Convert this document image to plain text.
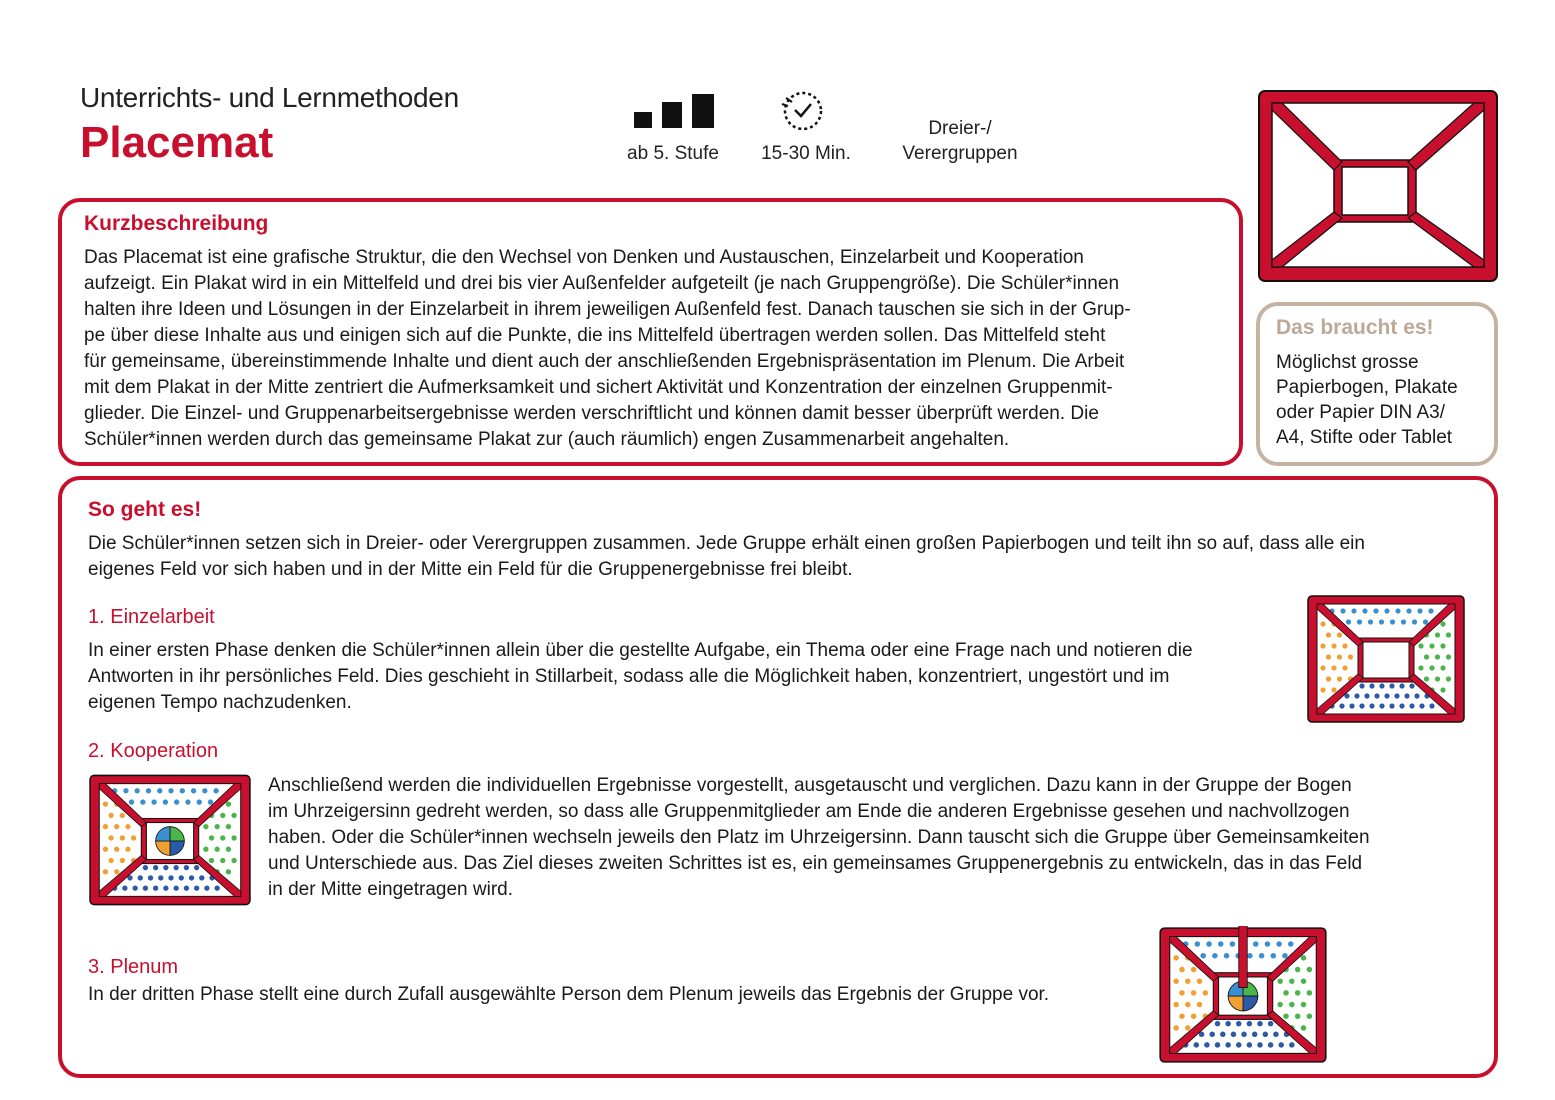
Unterrichts- und Lernmethoden
Placemat	ab 5. Stufe	15-30 Min.
Dreier-/
Verergruppen
Kurzbeschreibung
Das Placemat ist eine grafische Struktur, die den Wechsel von Denken und Austauschen, Einzelarbeit und Kooperation
aufzeigt. Ein Plakat wird in ein Mittelfeld und drei bis vier Außenfelder aufgeteilt (je nach Gruppengröße). Die Schüler*innen
halten ihre Ideen und Lösungen in der Einzelarbeit in ihrem jeweiligen Außenfeld fest. Danach tauschen sie sich in der Grup-
pe über diese Inhalte aus und einigen sich auf die Punkte, die ins Mittelfeld übertragen werden sollen. Das Mittelfeld steht
für gemeinsame, übereinstimmende Inhalte und dient auch der anschließenden Ergebnispräsentation im Plenum. Die Arbeit
mit dem Plakat in der Mitte zentriert die Aufmerksamkeit und sichert Aktivität und Konzentration der einzelnen Gruppenmit-
glieder. Die Einzel- und Gruppenarbeitsergebnisse werden verschriftlicht und können damit besser überprüft werden. Die
Schüler*innen werden durch das gemeinsame Plakat zur (auch räumlich) engen Zusammenarbeit angehalten.
Das braucht es!
Möglichst grosse
Papierbogen, Plakate
oder Papier DIN A3/
A4, Stifte oder Tablet
So geht es!
Die Schüler*innen setzen sich in Dreier- oder Verergruppen zusammen. Jede Gruppe erhält einen großen Papierbogen und teilt ihn so auf, dass alle ein
eigenes Feld vor sich haben und in der Mitte ein Feld für die Gruppenergebnisse frei bleibt.
1. Einzelarbeit
In einer ersten Phase denken die Schüler*innen allein über die gestellte Aufgabe, ein Thema oder eine Frage nach und notieren die
Antworten in ihr persönliches Feld. Dies geschieht in Stillarbeit, sodass alle die Möglichkeit haben, konzentriert, ungestört und im
eigenen Tempo nachzudenken.
2. Kooperation
Anschließend werden die individuellen Ergebnisse vorgestellt, ausgetauscht und verglichen. Dazu kann in der Gruppe der Bogen
im Uhrzeigersinn gedreht werden, so dass alle Gruppenmitglieder am Ende die anderen Ergebnisse gesehen und nachvollzogen
haben. Oder die Schüler*innen wechseln jeweils den Platz im Uhrzeigersinn. Dann tauscht sich die Gruppe über Gemeinsamkeiten
und Unterschiede aus. Das Ziel dieses zweiten Schrittes ist es, ein gemeinsames Gruppenergebnis zu entwickeln, das in das Feld
in der Mitte eingetragen wird.
3. Plenum
In der dritten Phase stellt eine durch Zufall ausgewählte Person dem Plenum jeweils das Ergebnis der Gruppe vor.
